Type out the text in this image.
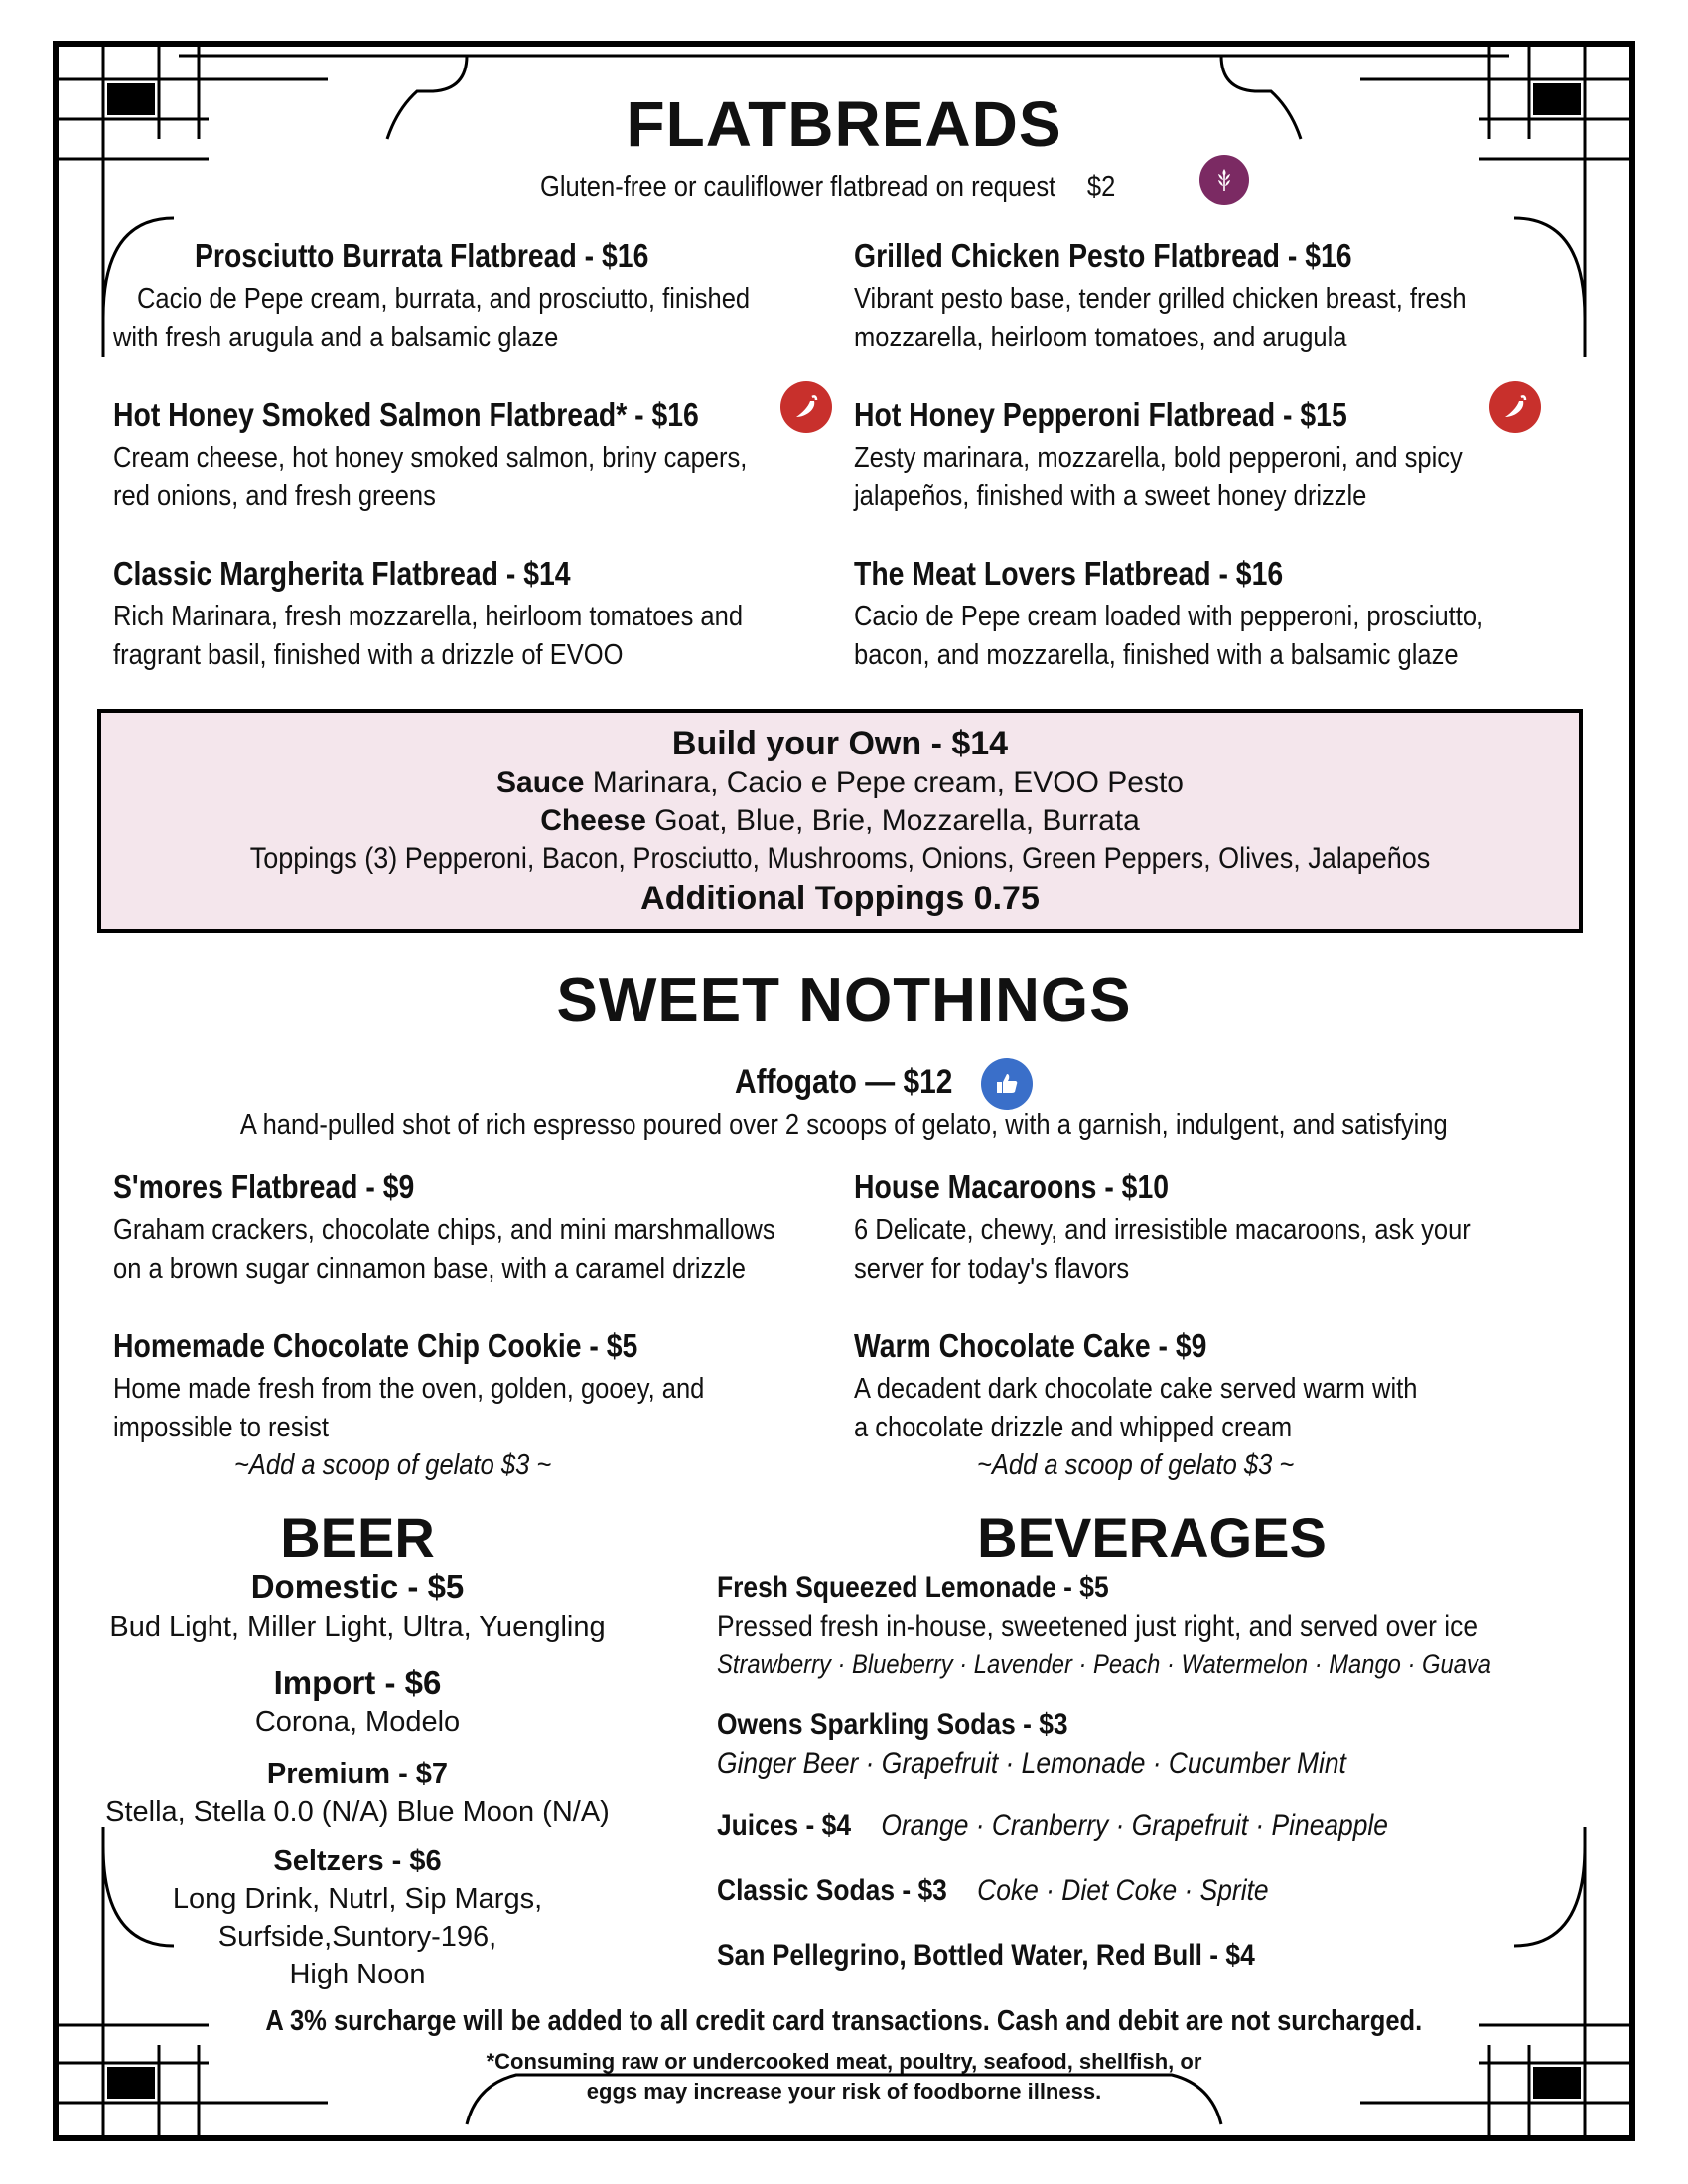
FLATBREADS
Gluten-free or cauliflower flatbread on request $2
Prosciutto Burrata Flatbread - $16
Cacio de Pepe cream, burrata, and prosciutto, finished
with fresh arugula and a balsamic glaze
Grilled Chicken Pesto Flatbread - $16
Vibrant pesto base, tender grilled chicken breast, fresh
mozzarella, heirloom tomatoes, and arugula
Hot Honey Smoked Salmon Flatbread* - $16
Cream cheese, hot honey smoked salmon, briny capers,
red onions, and fresh greens
Hot Honey Pepperoni Flatbread - $15
Zesty marinara, mozzarella, bold pepperoni, and spicy
jalapeños, finished with a sweet honey drizzle
Classic Margherita Flatbread - $14
Rich Marinara, fresh mozzarella, heirloom tomatoes and
fragrant basil, finished with a drizzle of EVOO
The Meat Lovers Flatbread - $16
Cacio de Pepe cream loaded with pepperoni, prosciutto,
bacon, and mozzarella, finished with a balsamic glaze
Build your Own - $14
Sauce Marinara, Cacio e Pepe cream, EVOO Pesto
Cheese Goat, Blue, Brie, Mozzarella, Burrata
Toppings (3) Pepperoni, Bacon, Prosciutto, Mushrooms, Onions, Green Peppers, Olives, Jalapeños
Additional Toppings 0.75
SWEET NOTHINGS
Affogato — $12
A hand-pulled shot of rich espresso poured over 2 scoops of gelato, with a garnish, indulgent, and satisfying
S'mores Flatbread - $9
Graham crackers, chocolate chips, and mini marshmallows
on a brown sugar cinnamon base, with a caramel drizzle
House Macaroons - $10
6 Delicate, chewy, and irresistible macaroons, ask your
server for today's flavors
Homemade Chocolate Chip Cookie - $5
Home made fresh from the oven, golden, gooey, and
impossible to resist
~Add a scoop of gelato $3 ~
Warm Chocolate Cake - $9
A decadent dark chocolate cake served warm with
a chocolate drizzle and whipped cream
~Add a scoop of gelato $3 ~
BEER
Domestic - $5
Bud Light, Miller Light, Ultra, Yuengling
Import - $6
Corona, Modelo
Premium - $7
Stella, Stella 0.0 (N/A) Blue Moon (N/A)
Seltzers - $6
Long Drink, Nutrl, Sip Margs,
Surfside,Suntory-196,
High Noon
BEVERAGES
Fresh Squeezed Lemonade - $5
Pressed fresh in-house, sweetened just right, and served over ice
Strawberry · Blueberry · Lavender · Peach · Watermelon · Mango · Guava
Owens Sparkling Sodas - $3
Ginger Beer · Grapefruit · Lemonade · Cucumber Mint
Juices - $4 Orange · Cranberry · Grapefruit · Pineapple
Classic Sodas - $3 Coke · Diet Coke · Sprite
San Pellegrino, Bottled Water, Red Bull - $4
A 3% surcharge will be added to all credit card transactions. Cash and debit are not surcharged.
*Consuming raw or undercooked meat, poultry, seafood, shellfish, or
eggs may increase your risk of foodborne illness.
